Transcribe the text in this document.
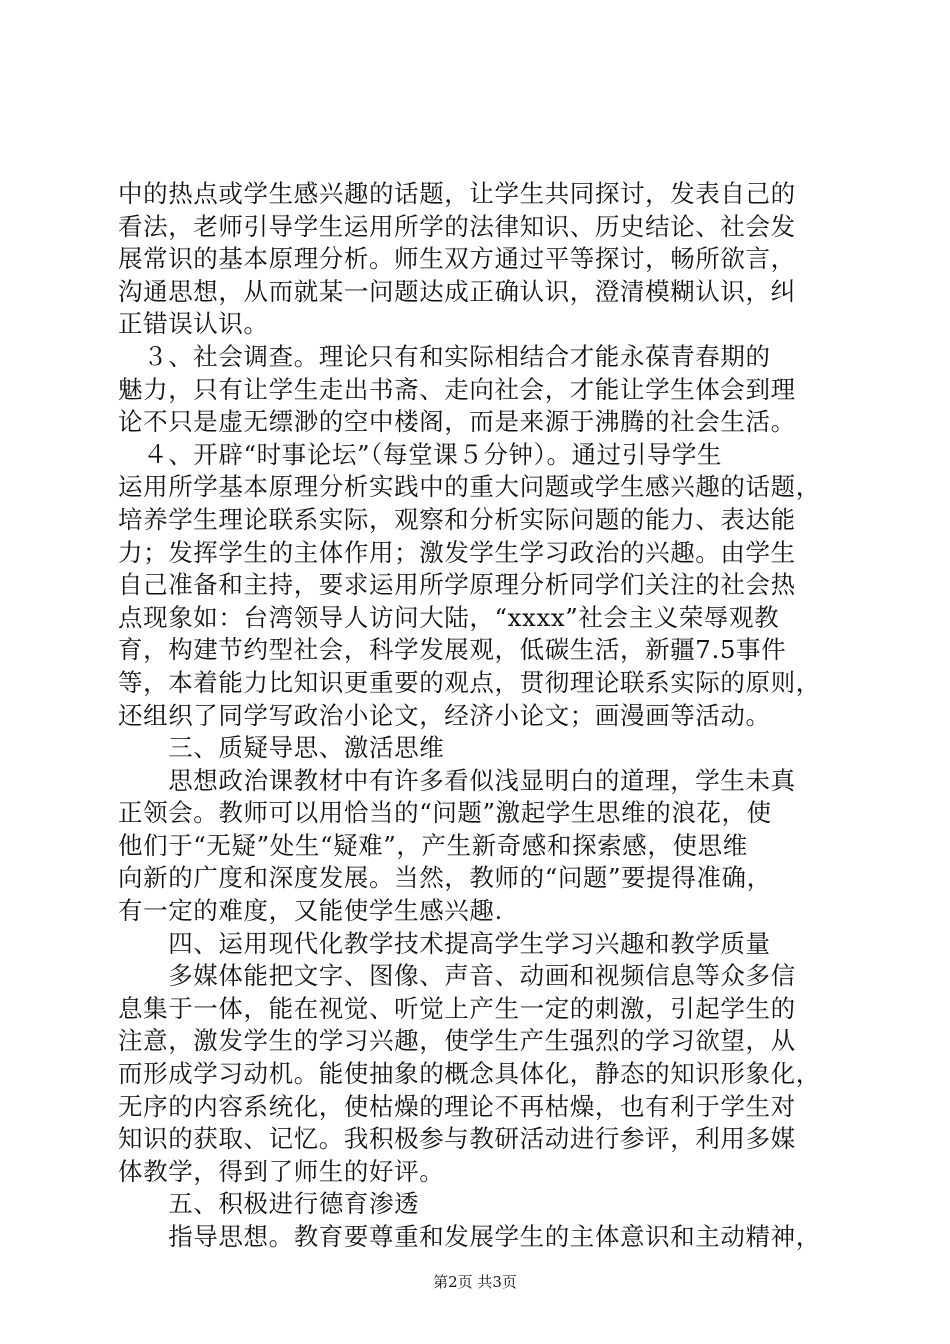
中的热点或学生感兴趣的话题，让学生共同探讨，发表自己的
看法，老师引导学生运用所学的法律知识、历史结论、社会发
展常识的基本原理分析。师生双方通过平等探讨，畅所欲言，
沟通思想，从而就某一问题达成正确认识，澄清模糊认识，纠
正错误认识。
　３、社会调查。理论只有和实际相结合才能永葆青春期的
魅力，只有让学生走出书斋、走向社会，才能让学生体会到理
论不只是虚无缥渺的空中楼阁，而是来源于沸腾的社会生活。
　４、开辟“时事论坛”（每堂课５分钟）。通过引导学生
运用所学基本原理分析实践中的重大问题或学生感兴趣的话题，
培养学生理论联系实际，观察和分析实际问题的能力、表达能
力；发挥学生的主体作用；激发学生学习政治的兴趣。由学生
自己准备和主持，要求运用所学原理分析同学们关注的社会热
点现象如：台湾领导人访问大陆，“xxxx”社会主义荣辱观教
育，构建节约型社会，科学发展观，低碳生活，新疆7.5事件
等，本着能力比知识更重要的观点，贯彻理论联系实际的原则，
还组织了同学写政治小论文，经济小论文；画漫画等活动。
　　三、质疑导思、激活思维
　　思想政治课教材中有许多看似浅显明白的道理，学生未真
正领会。教师可以用恰当的“问题”激起学生思维的浪花，使
他们于“无疑”处生“疑难”，产生新奇感和探索感，使思维
向新的广度和深度发展。当然，教师的“问题”要提得准确，
有一定的难度，又能使学生感兴趣.
　　四、运用现代化教学技术提高学生学习兴趣和教学质量
　　多媒体能把文字、图像、声音、动画和视频信息等众多信
息集于一体，能在视觉、听觉上产生一定的刺激，引起学生的
注意，激发学生的学习兴趣，使学生产生强烈的学习欲望，从
而形成学习动机。能使抽象的概念具体化，静态的知识形象化，
无序的内容系统化，使枯燥的理论不再枯燥，也有利于学生对
知识的获取、记忆。我积极参与教研活动进行参评，利用多媒
体教学，得到了师生的好评。
　　五、积极进行德育渗透
　　指导思想。教育要尊重和发展学生的主体意识和主动精神，
第2页 共3页
